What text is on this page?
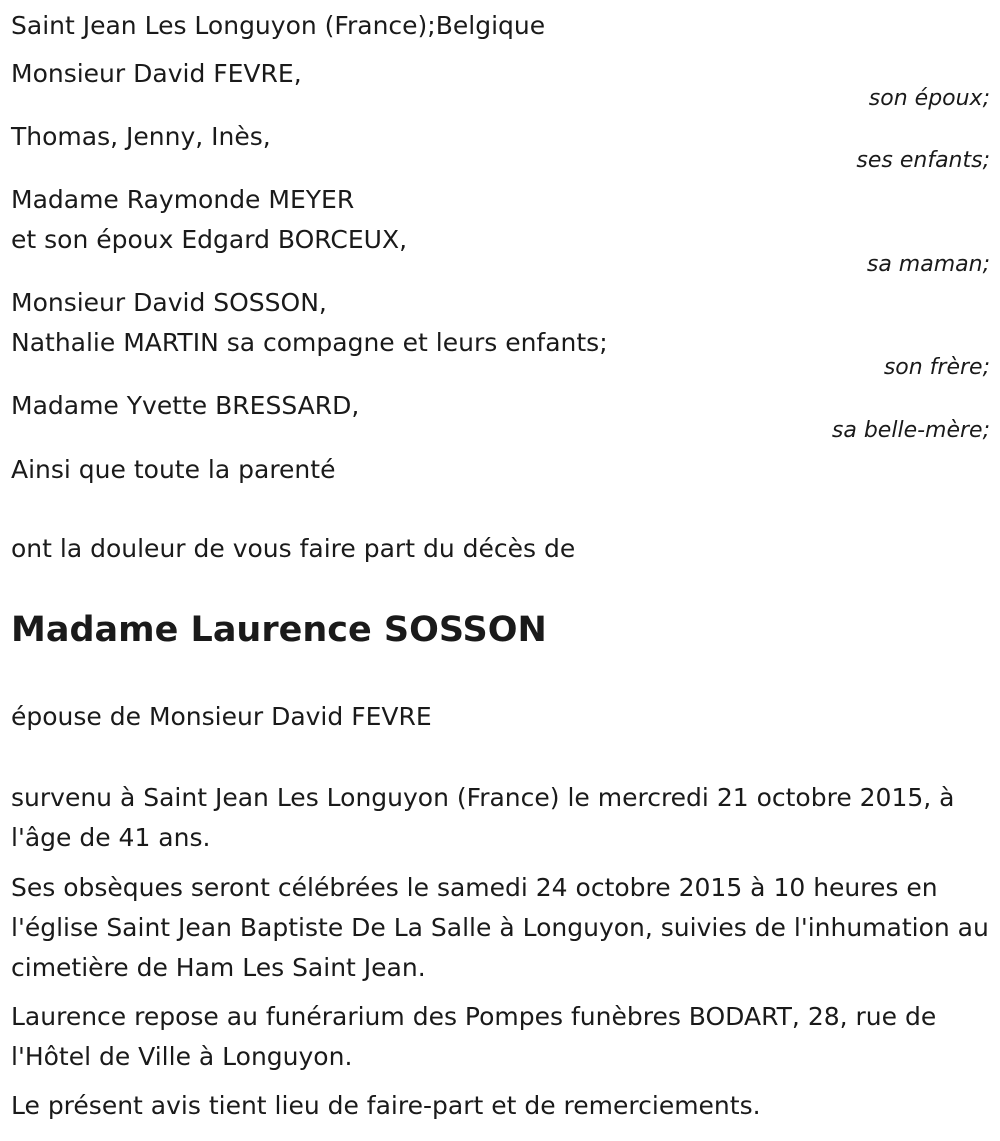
Saint Jean Les Longuyon (France);Belgique
Monsieur David FEVRE,
son époux;
Thomas, Jenny, Inès,
ses enfants;
Madame Raymonde MEYER
et son époux Edgard BORCEUX,
sa maman;
Monsieur David SOSSON,
Nathalie MARTIN sa compagne et leurs enfants;
son frère;
Madame Yvette BRESSARD,
sa belle-mère;
Ainsi que toute la parenté
ont la douleur de vous faire part du décès de
Madame Laurence SOSSON
épouse de Monsieur David FEVRE
survenu à Saint Jean Les Longuyon (France) le mercredi 21 octobre 2015, à l'âge de 41 ans.
Ses obsèques seront célébrées le samedi 24 octobre 2015 à 10 heures en l'église Saint Jean Baptiste De La Salle à Longuyon, suivies de l'inhumation au cimetière de Ham Les Saint Jean.
Laurence repose au funérarium des Pompes funèbres BODART, 28, rue de l'Hôtel de Ville à Longuyon.
Le présent avis tient lieu de faire-part et de remerciements.
